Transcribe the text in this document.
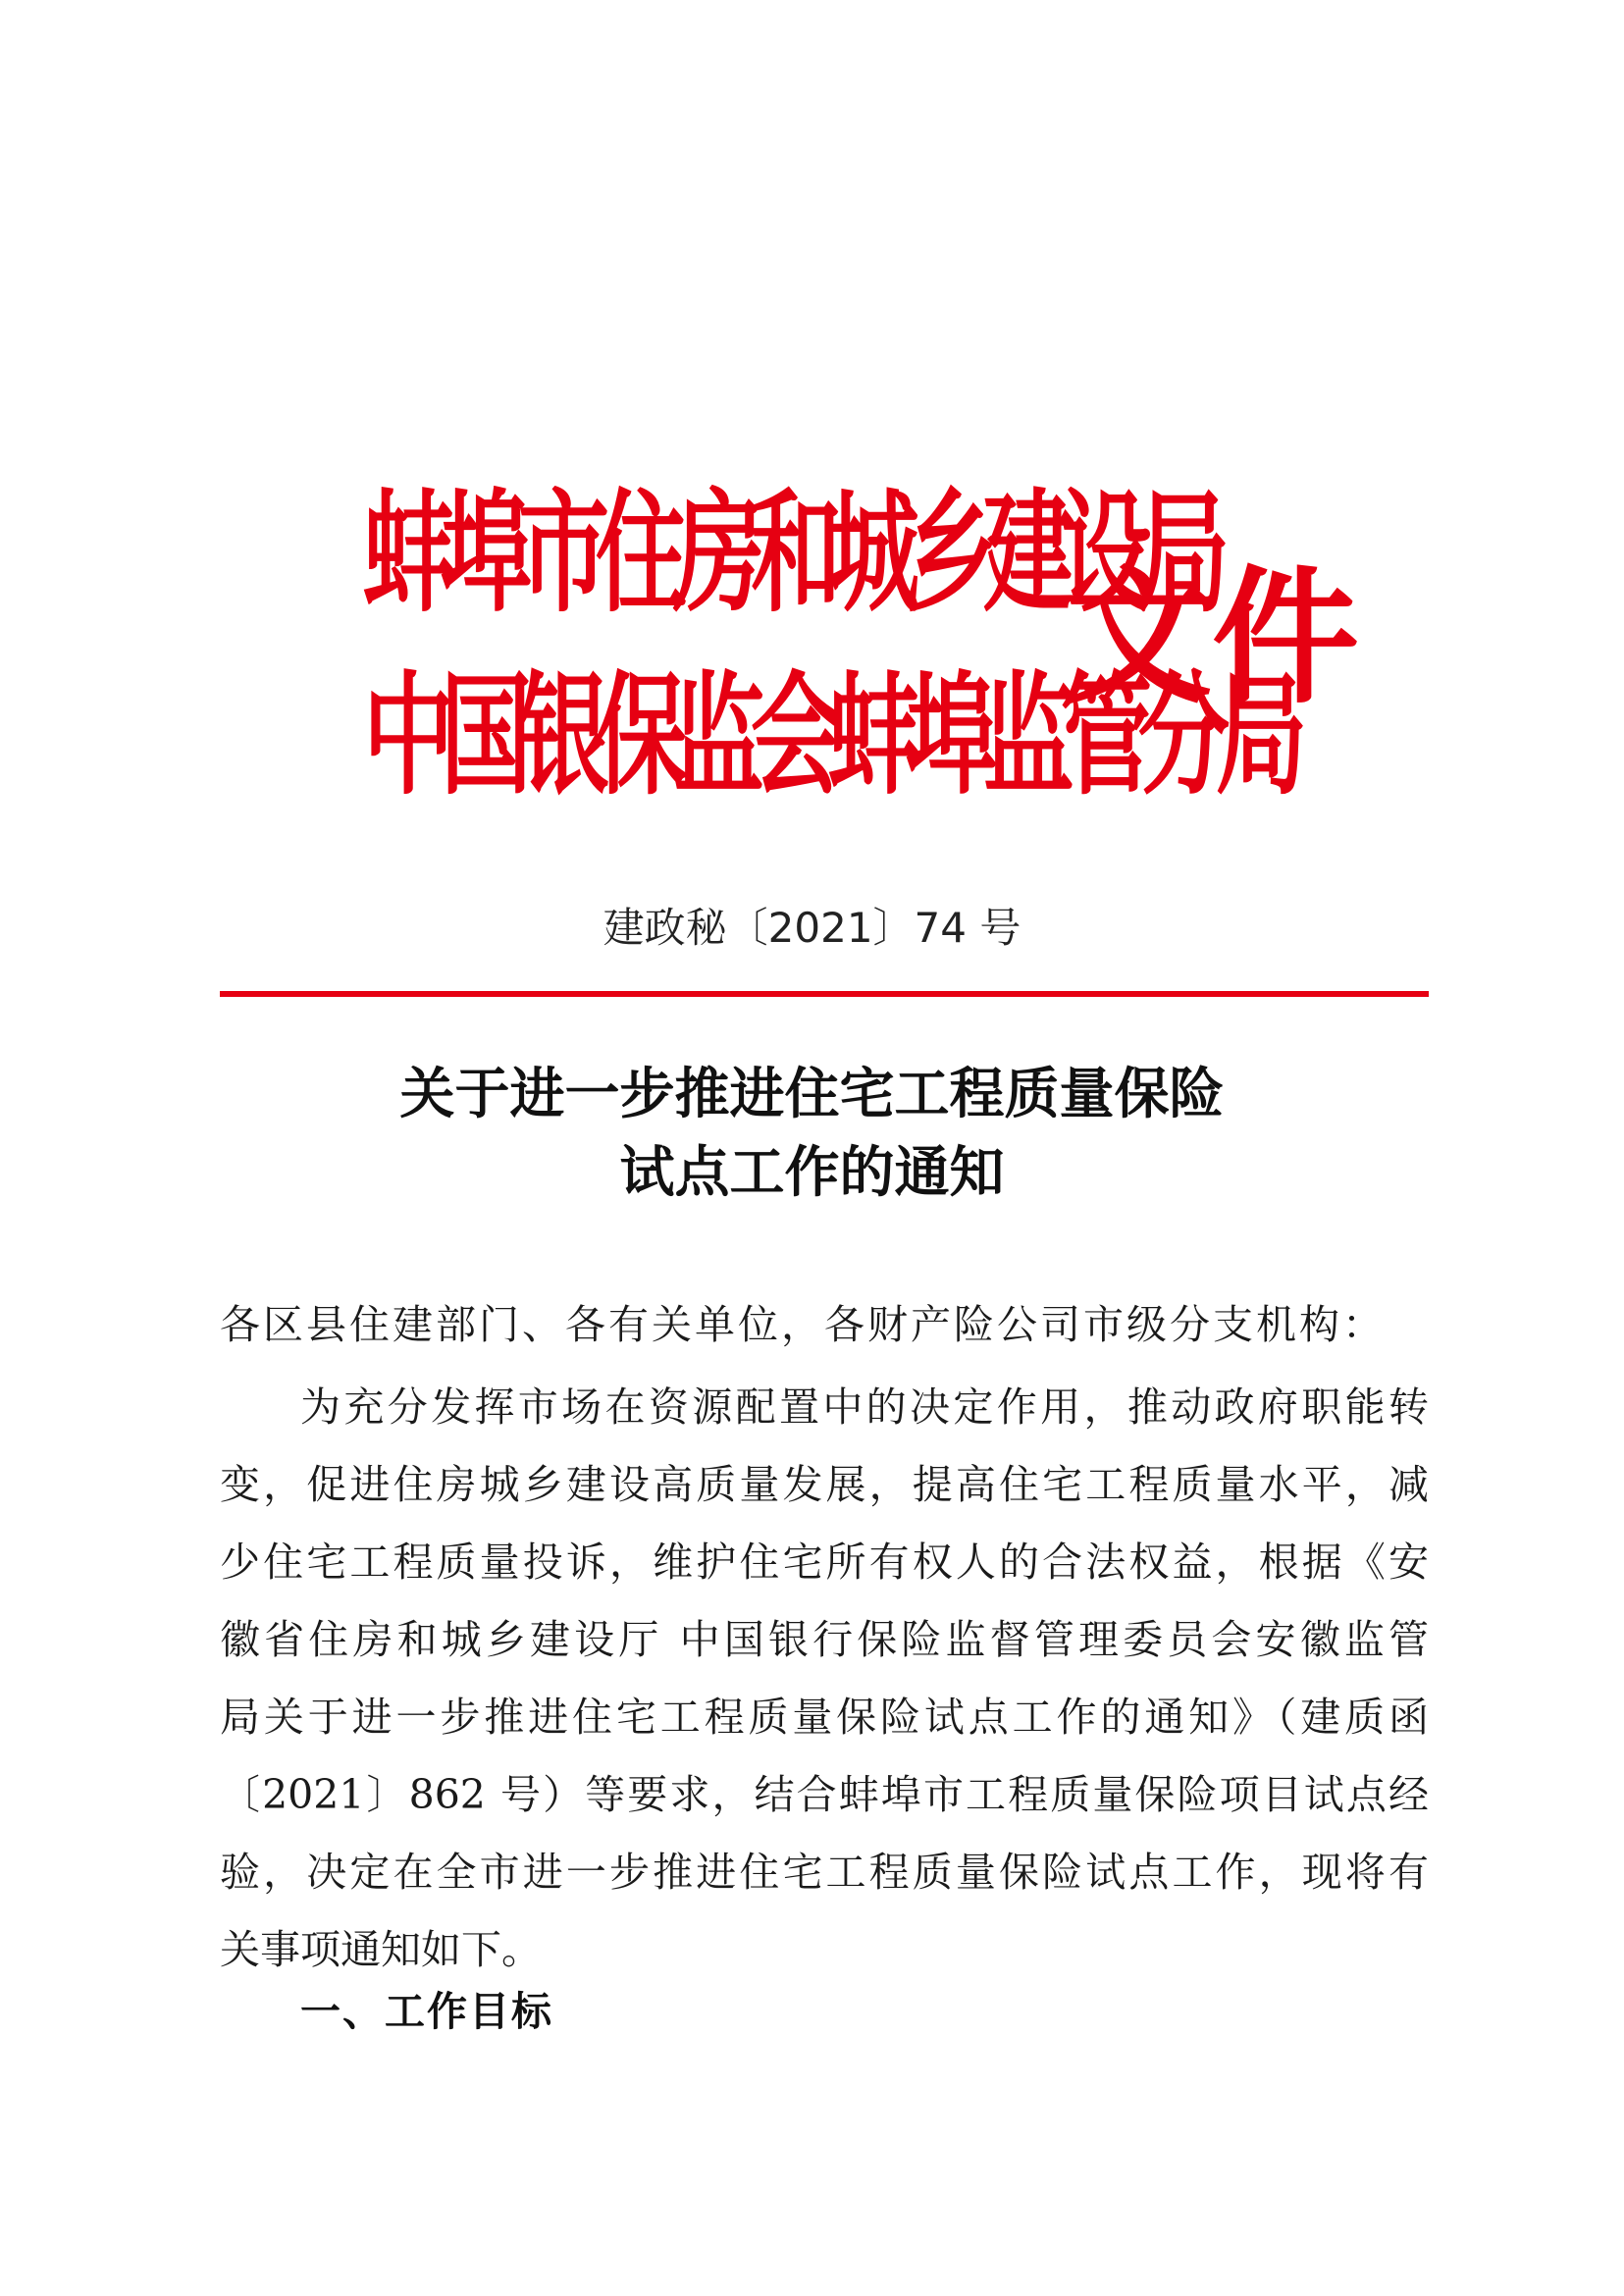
蚌埠市住房和城乡建设局
中国银保监会蚌埠监管分局
文件
建政秘〔2021〕74 号
关于进一步推进住宅工程质量保险
试点工作的通知
各区县住建部门、各有关单位，各财产险公司市级分支机构：
为充分发挥市场在资源配置中的决定作用，推动政府职能转
变，促进住房城乡建设高质量发展，提高住宅工程质量水平，减
少住宅工程质量投诉，维护住宅所有权人的合法权益，根据《安
徽省住房和城乡建设厅 中国银行保险监督管理委员会安徽监管
局关于进一步推进住宅工程质量保险试点工作的通知》（建质函
〔2021〕862 号）等要求，结合蚌埠市工程质量保险项目试点经
验，决定在全市进一步推进住宅工程质量保险试点工作，现将有
关事项通知如下。
一、工作目标
